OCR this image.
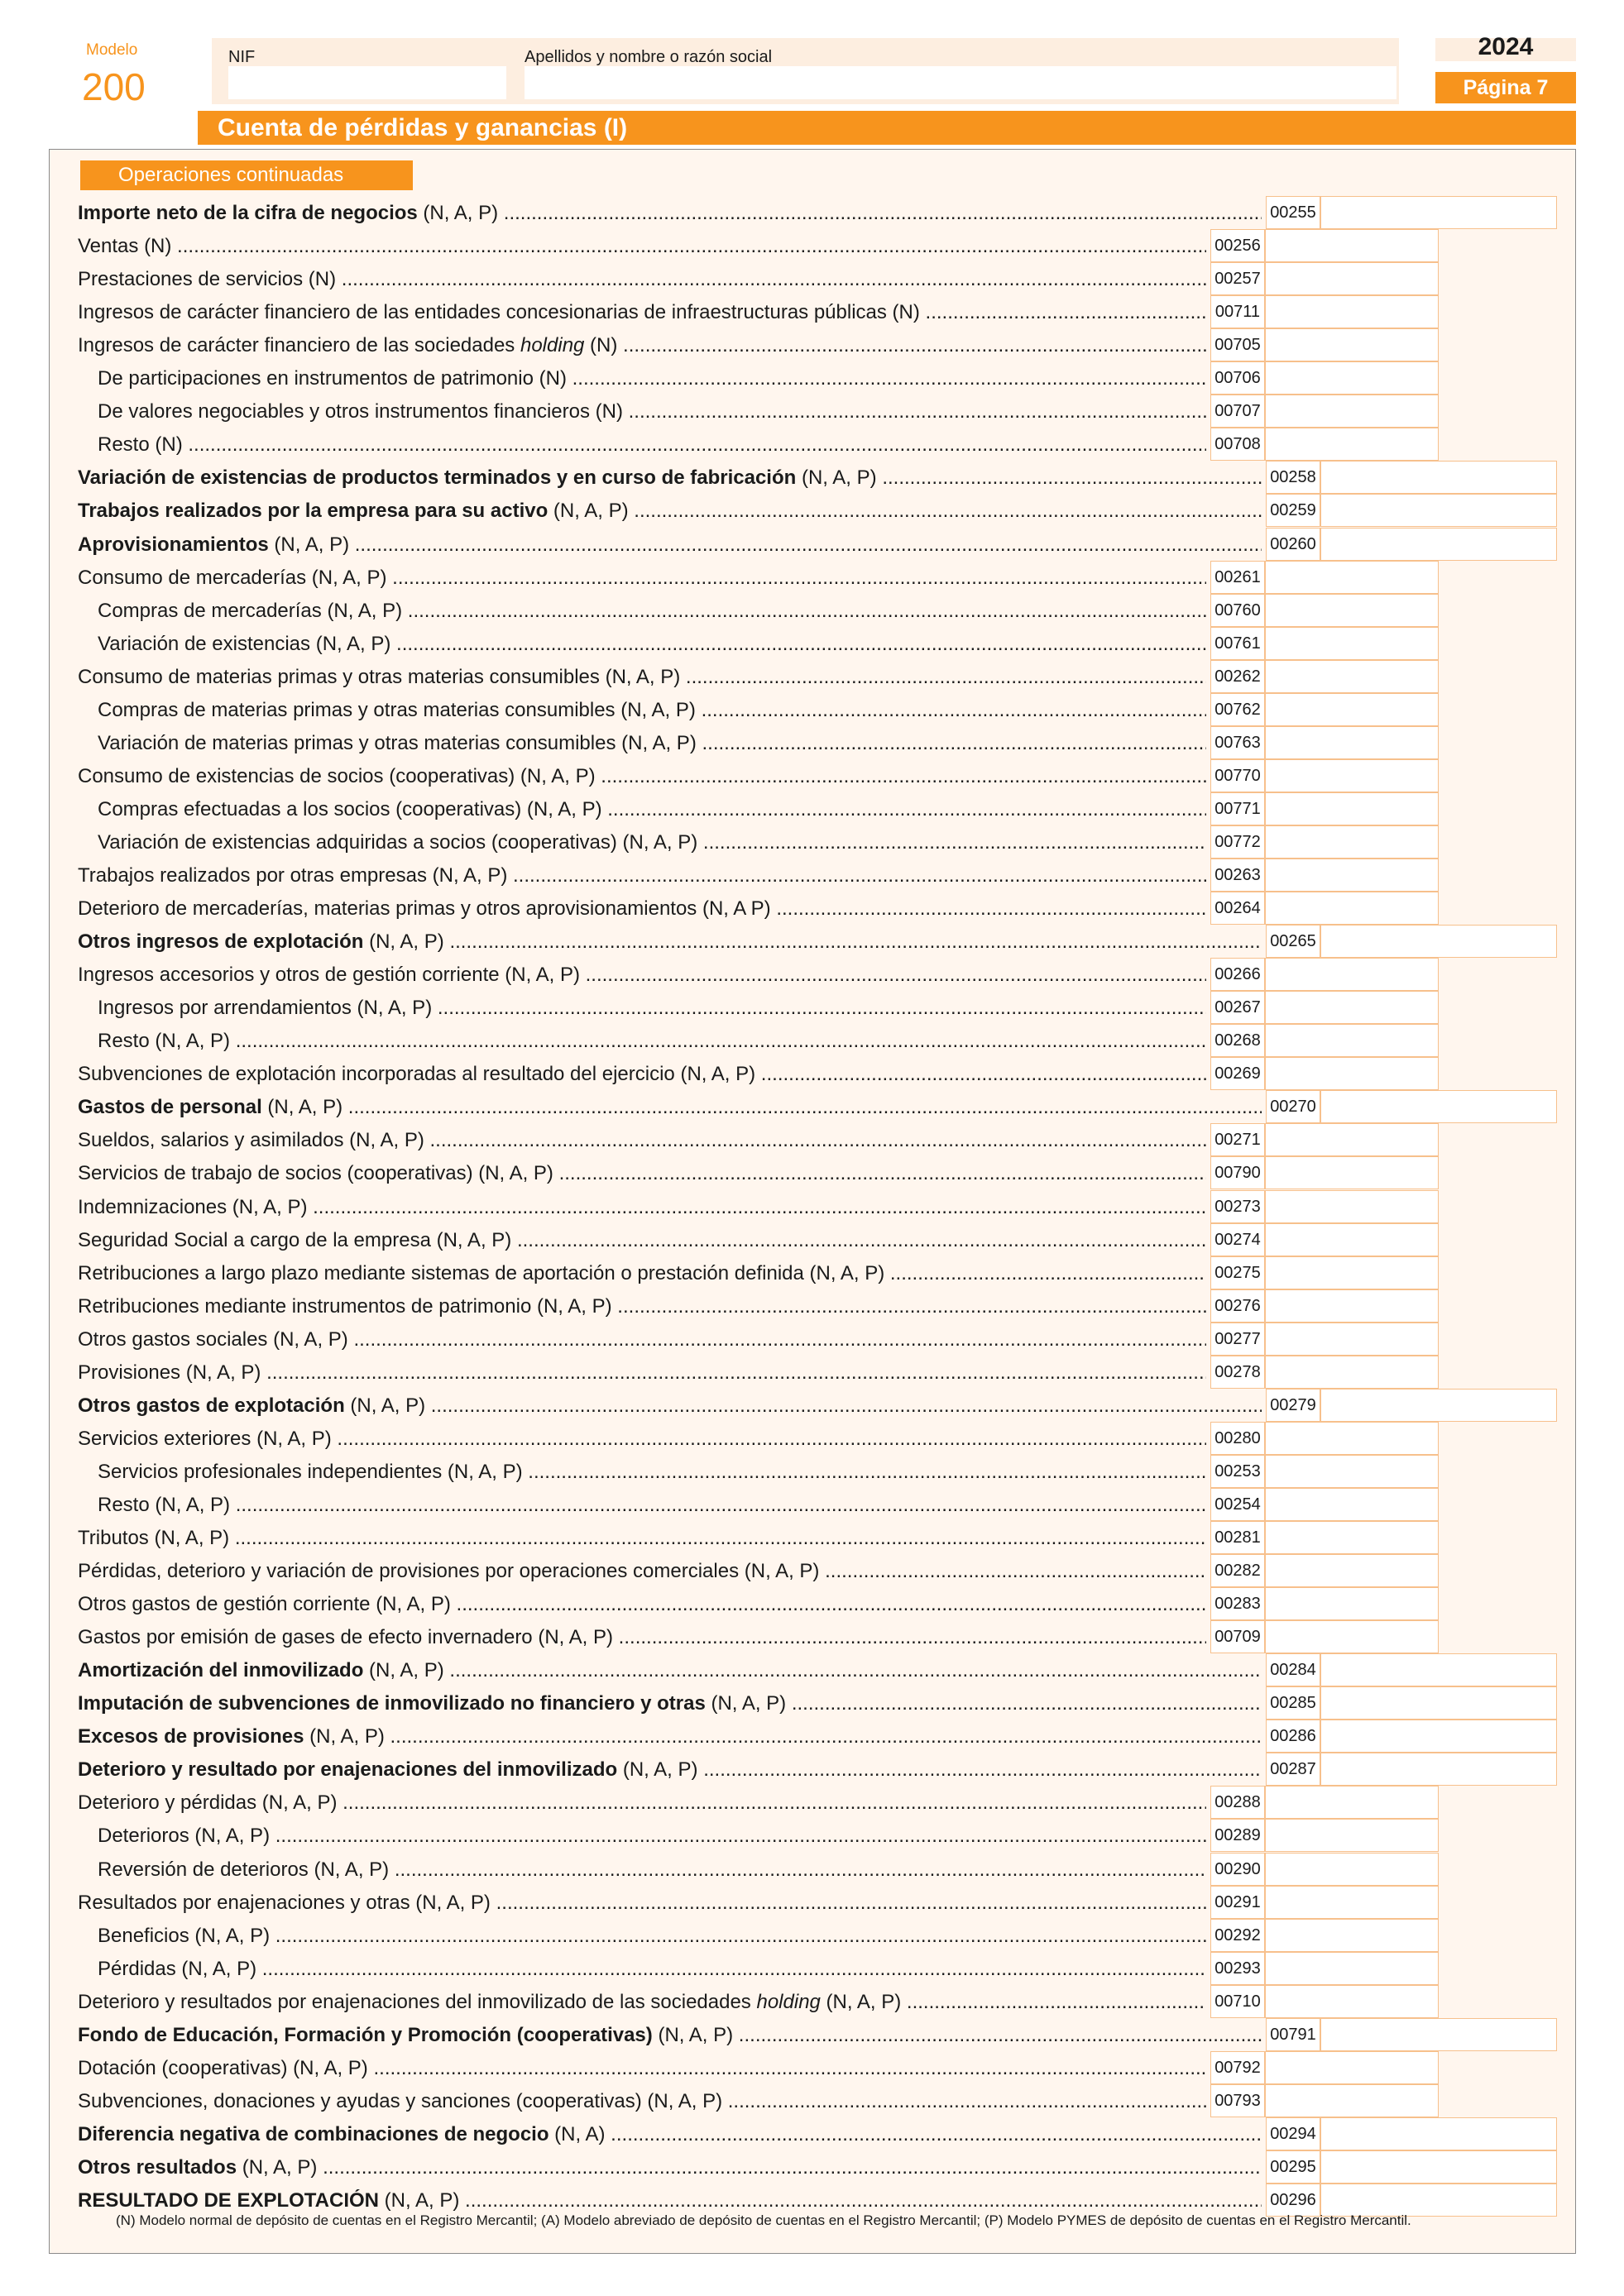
Modelo
200
NIF	Apellidos y nombre o razón social	2024
Página 7
Cuenta de pérdidas y ganancias (I)
Operaciones continuadas
Importe neto de la cifra de negocios (N, A, P) .....	00255
Ventas (N) .....	00256
Prestaciones de servicios (N) .....	00257
Ingresos de carácter financiero de las entidades concesionarias de infraestructuras públicas (N) .....	00711
Ingresos de carácter financiero de las sociedades holding (N) .....	00705
De participaciones en instrumentos de patrimonio (N) .....	00706
De valores negociables y otros instrumentos financieros (N) .....	00707
Resto (N) .....	00708
Variación de existencias de productos terminados y en curso de fabricación (N, A, P) .....	00258
Trabajos realizados por la empresa para su activo (N, A, P) .....	00259
Aprovisionamientos (N, A, P) .....	00260
Consumo de mercaderías (N, A, P) .....	00261
Compras de mercaderías (N, A, P) .....	00760
Variación de existencias (N, A, P) .....	00761
Consumo de materias primas y otras materias consumibles (N, A, P) .....	00262
Compras de materias primas y otras materias consumibles (N, A, P) .....	00762
Variación de materias primas y otras materias consumibles (N, A, P) .....	00763
Consumo de existencias de socios (cooperativas) (N, A, P) .....	00770
Compras efectuadas a los socios (cooperativas) (N, A, P) .....	00771
Variación de existencias adquiridas a socios (cooperativas) (N, A, P) .....	00772
Trabajos realizados por otras empresas (N, A, P) .....	00263
Deterioro de mercaderías, materias primas y otros aprovisionamientos (N, A P) .....	00264
Otros ingresos de explotación (N, A, P) .....	00265
Ingresos accesorios y otros de gestión corriente (N, A, P) .....	00266
Ingresos por arrendamientos (N, A, P) .....	00267
Resto (N, A, P) .....	00268
Subvenciones de explotación incorporadas al resultado del ejercicio (N, A, P) .....	00269
Gastos de personal (N, A, P) .....	00270
Sueldos, salarios y asimilados (N, A, P) .....	00271
Servicios de trabajo de socios (cooperativas) (N, A, P) .....	00790
Indemnizaciones (N, A, P) .....	00273
Seguridad Social a cargo de la empresa (N, A, P) .....	00274
Retribuciones a largo plazo mediante sistemas de aportación o prestación definida (N, A, P) .....	00275
Retribuciones mediante instrumentos de patrimonio (N, A, P) .....	00276
Otros gastos sociales (N, A, P) .....	00277
Provisiones (N, A, P) .....	00278
Otros gastos de explotación (N, A, P) .....	00279
Servicios exteriores (N, A, P) .....	00280
Servicios profesionales independientes (N, A, P) .....	00253
Resto (N, A, P) .....	00254
Tributos (N, A, P) .....	00281
Pérdidas, deterioro y variación de provisiones por operaciones comerciales (N, A, P) .....	00282
Otros gastos de gestión corriente (N, A, P) .....	00283
Gastos por emisión de gases de efecto invernadero (N, A, P) .....	00709
Amortización del inmovilizado (N, A, P) .....	00284
Imputación de subvenciones de inmovilizado no financiero y otras (N, A, P) .....	00285
Excesos de provisiones (N, A, P) .....	00286
Deterioro y resultado por enajenaciones del inmovilizado (N, A, P) .....	00287
Deterioro y pérdidas (N, A, P) .....	00288
Deterioros (N, A, P) .....	00289
Reversión de deterioros (N, A, P) .....	00290
Resultados por enajenaciones y otras (N, A, P) .....	00291
Beneficios (N, A, P) .....	00292
Pérdidas (N, A, P) .....	00293
Deterioro y resultados por enajenaciones del inmovilizado de las sociedades holding (N, A, P) .....	00710
Fondo de Educación, Formación y Promoción (cooperativas) (N, A, P) .....	00791
Dotación (cooperativas) (N, A, P) .....	00792
Subvenciones, donaciones y ayudas y sanciones (cooperativas) (N, A, P) .....	00793
Diferencia negativa de combinaciones de negocio (N, A) .....	00294
Otros resultados (N, A, P) .....	00295
RESULTADO DE EXPLOTACIÓN (N, A, P) .....	00296
(N) Modelo normal de depósito de cuentas en el Registro Mercantil; (A) Modelo abreviado de depósito de cuentas en el Registro Mercantil; (P) Modelo PYMES de depósito de cuentas en el Registro Mercantil.
